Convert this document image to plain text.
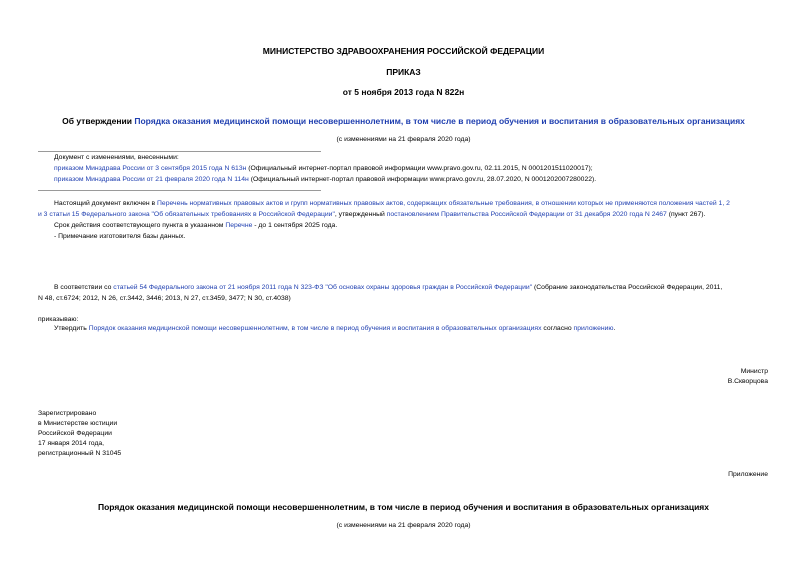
МИНИСТЕРСТВО ЗДРАВООХРАНЕНИЯ РОССИЙСКОЙ ФЕДЕРАЦИИ
ПРИКАЗ
от 5 ноября 2013 года N 822н
Об утверждении Порядка оказания медицинской помощи несовершеннолетним, в том числе в период обучения и воспитания в образовательных организациях
(с изменениями на 21 февраля 2020 года)
Документ с изменениями, внесенными:
приказом Минздрава России от 3 сентября 2015 года N 613н (Официальный интернет-портал правовой информации www.pravo.gov.ru, 02.11.2015, N 0001201511020017);
приказом Минздрава России от 21 февраля 2020 года N 114н (Официальный интернет-портал правовой информации www.pravo.gov.ru, 28.07.2020, N 0001202007280022).
Настоящий документ включен в Перечень нормативных правовых актов и групп нормативных правовых актов, содержащих обязательные требования, в отношении которых не применяются положения частей 1, 2
и 3 статьи 15 Федерального закона "Об обязательных требованиях в Российской Федерации", утвержденный постановлением Правительства Российской Федерации от 31 декабря 2020 года N 2467 (пункт 267).
Срок действия соответствующего пункта в указанном Перечне - до 1 сентября 2025 года.
- Примечание изготовителя базы данных.
В соответствии со статьей 54 Федерального закона от 21 ноября 2011 года N 323-ФЗ "Об основах охраны здоровья граждан в Российской Федерации" (Собрание законодательства Российской Федерации, 2011,
N 48, ст.6724; 2012, N 26, ст.3442, 3446; 2013, N 27, ст.3459, 3477; N 30, ст.4038)
приказываю:
Утвердить Порядок оказания медицинской помощи несовершеннолетним, в том числе в период обучения и воспитания в образовательных организациях согласно приложению.
Министр
В.Скворцова
Зарегистрировано
в Министерстве юстиции
Российской Федерации
17 января 2014 года,
регистрационный N 31045
Приложение
Порядок оказания медицинской помощи несовершеннолетним, в том числе в период обучения и воспитания в образовательных организациях
(с изменениями на 21 февраля 2020 года)
